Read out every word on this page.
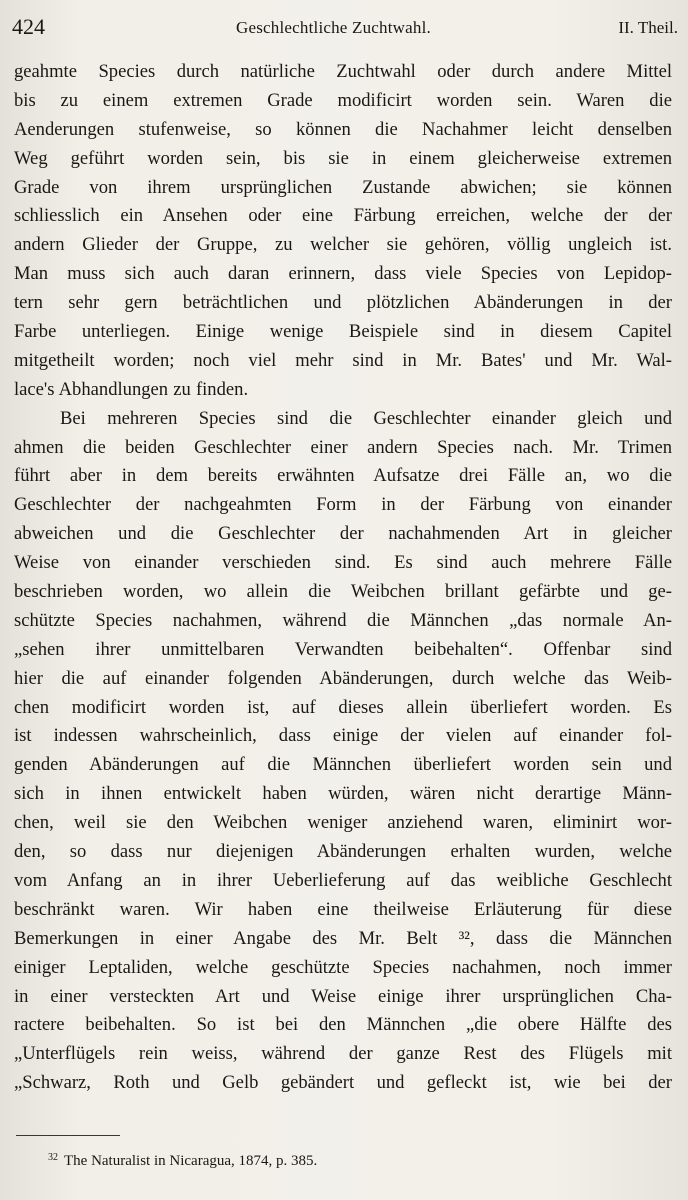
424	Geschlechtliche Zuchtwahl.	II. Theil.
geahmte Species durch natürliche Zuchtwahl oder durch andere Mittel
bis zu einem extremen Grade modificirt worden sein. Waren die
Aenderungen stufenweise, so können die Nachahmer leicht denselben
Weg geführt worden sein, bis sie in einem gleicherweise extremen
Grade von ihrem ursprünglichen Zustande abwichen; sie können
schliesslich ein Ansehen oder eine Färbung erreichen, welche der der
andern Glieder der Gruppe, zu welcher sie gehören, völlig ungleich ist.
Man muss sich auch daran erinnern, dass viele Species von Lepidop-
tern sehr gern beträchtlichen und plötzlichen Abänderungen in der
Farbe unterliegen. Einige wenige Beispiele sind in diesem Capitel
mitgetheilt worden; noch viel mehr sind in Mr. Bates' und Mr. Wal-
lace's Abhandlungen zu finden.
Bei mehreren Species sind die Geschlechter einander gleich und
ahmen die beiden Geschlechter einer andern Species nach. Mr. Trimen
führt aber in dem bereits erwähnten Aufsatze drei Fälle an, wo die
Geschlechter der nachgeahmten Form in der Färbung von einander
abweichen und die Geschlechter der nachahmenden Art in gleicher
Weise von einander verschieden sind. Es sind auch mehrere Fälle
beschrieben worden, wo allein die Weibchen brillant gefärbte und ge-
schützte Species nachahmen, während die Männchen „das normale An-
„sehen ihrer unmittelbaren Verwandten beibehalten“. Offenbar sind
hier die auf einander folgenden Abänderungen, durch welche das Weib-
chen modificirt worden ist, auf dieses allein überliefert worden. Es
ist indessen wahrscheinlich, dass einige der vielen auf einander fol-
genden Abänderungen auf die Männchen überliefert worden sein und
sich in ihnen entwickelt haben würden, wären nicht derartige Männ-
chen, weil sie den Weibchen weniger anziehend waren, eliminirt wor-
den, so dass nur diejenigen Abänderungen erhalten wurden, welche
vom Anfang an in ihrer Ueberlieferung auf das weibliche Geschlecht
beschränkt waren. Wir haben eine theilweise Erläuterung für diese
Bemerkungen in einer Angabe des Mr. Belt ³², dass die Männchen
einiger Leptaliden, welche geschützte Species nachahmen, noch immer
in einer versteckten Art und Weise einige ihrer ursprünglichen Cha-
ractere beibehalten. So ist bei den Männchen „die obere Hälfte des
„Unterflügels rein weiss, während der ganze Rest des Flügels mit
„Schwarz, Roth und Gelb gebändert und gefleckt ist, wie bei der
$^{32}$ The Naturalist in Nicaragua, 1874, p. 385.
